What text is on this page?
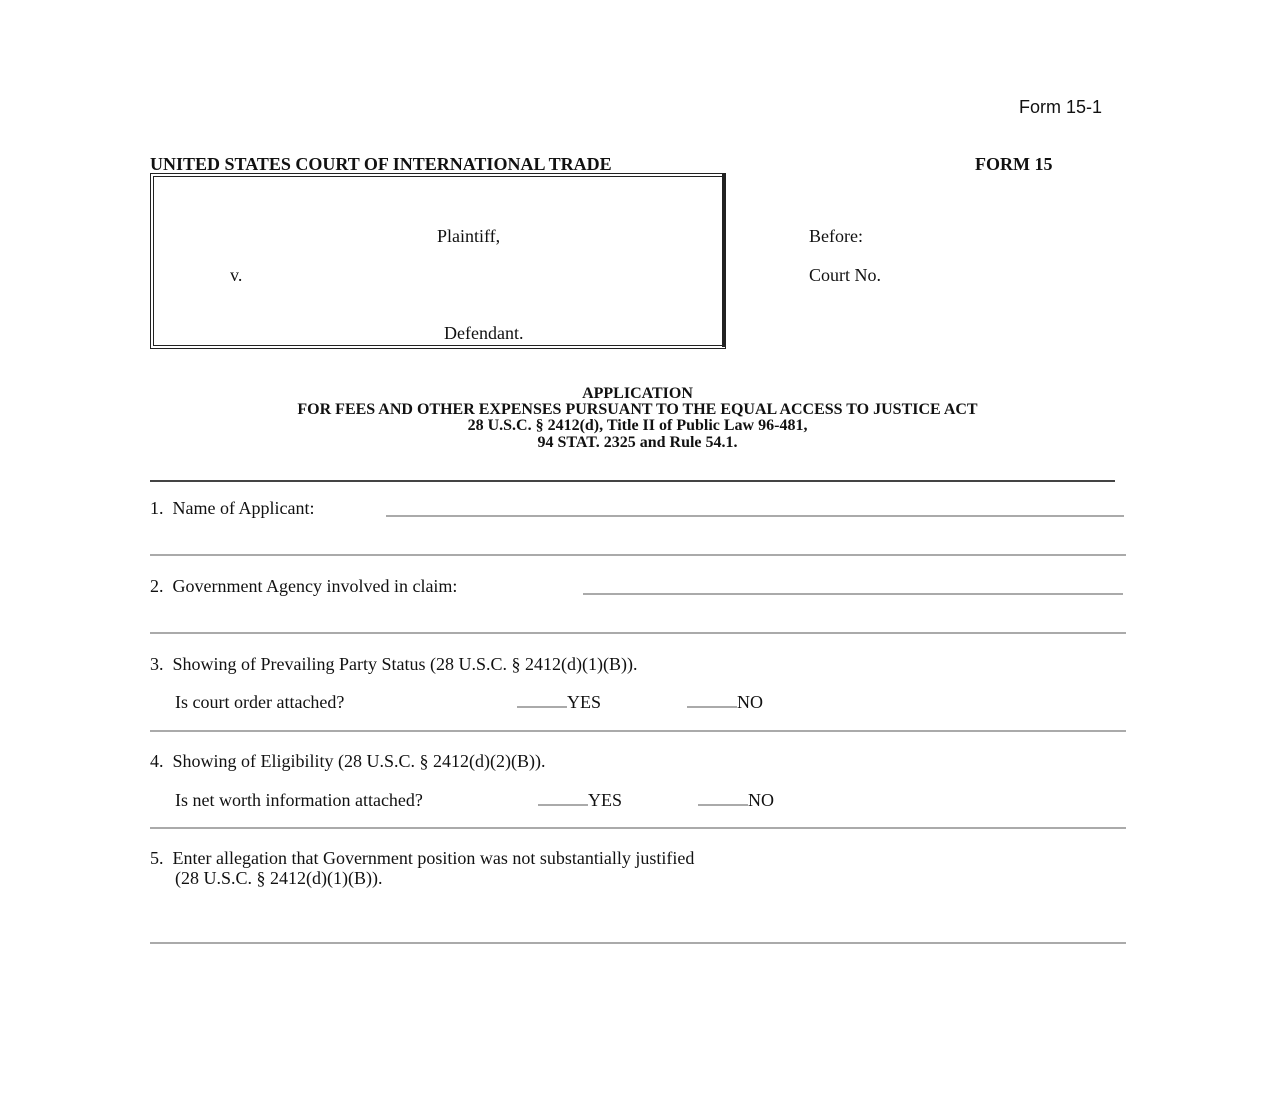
Form 15-1
UNITED STATES COURT OF INTERNATIONAL TRADE	FORM 15
Plaintiff,
v.
Defendant.
Before:
Court No.
APPLICATION
FOR FEES AND OTHER EXPENSES PURSUANT TO THE EQUAL ACCESS TO JUSTICE ACT
28 U.S.C. § 2412(d), Title II of Public Law 96-481,
94 STAT. 2325 and Rule 54.1.
1. Name of Applicant:
2. Government Agency involved in claim:
3. Showing of Prevailing Party Status (28 U.S.C. § 2412(d)(1)(B)).
Is court order attached?	YES	NO
4. Showing of Eligibility (28 U.S.C. § 2412(d)(2)(B)).
Is net worth information attached?	YES	NO
5. Enter allegation that Government position was not substantially justified
(28 U.S.C. § 2412(d)(1)(B)).
